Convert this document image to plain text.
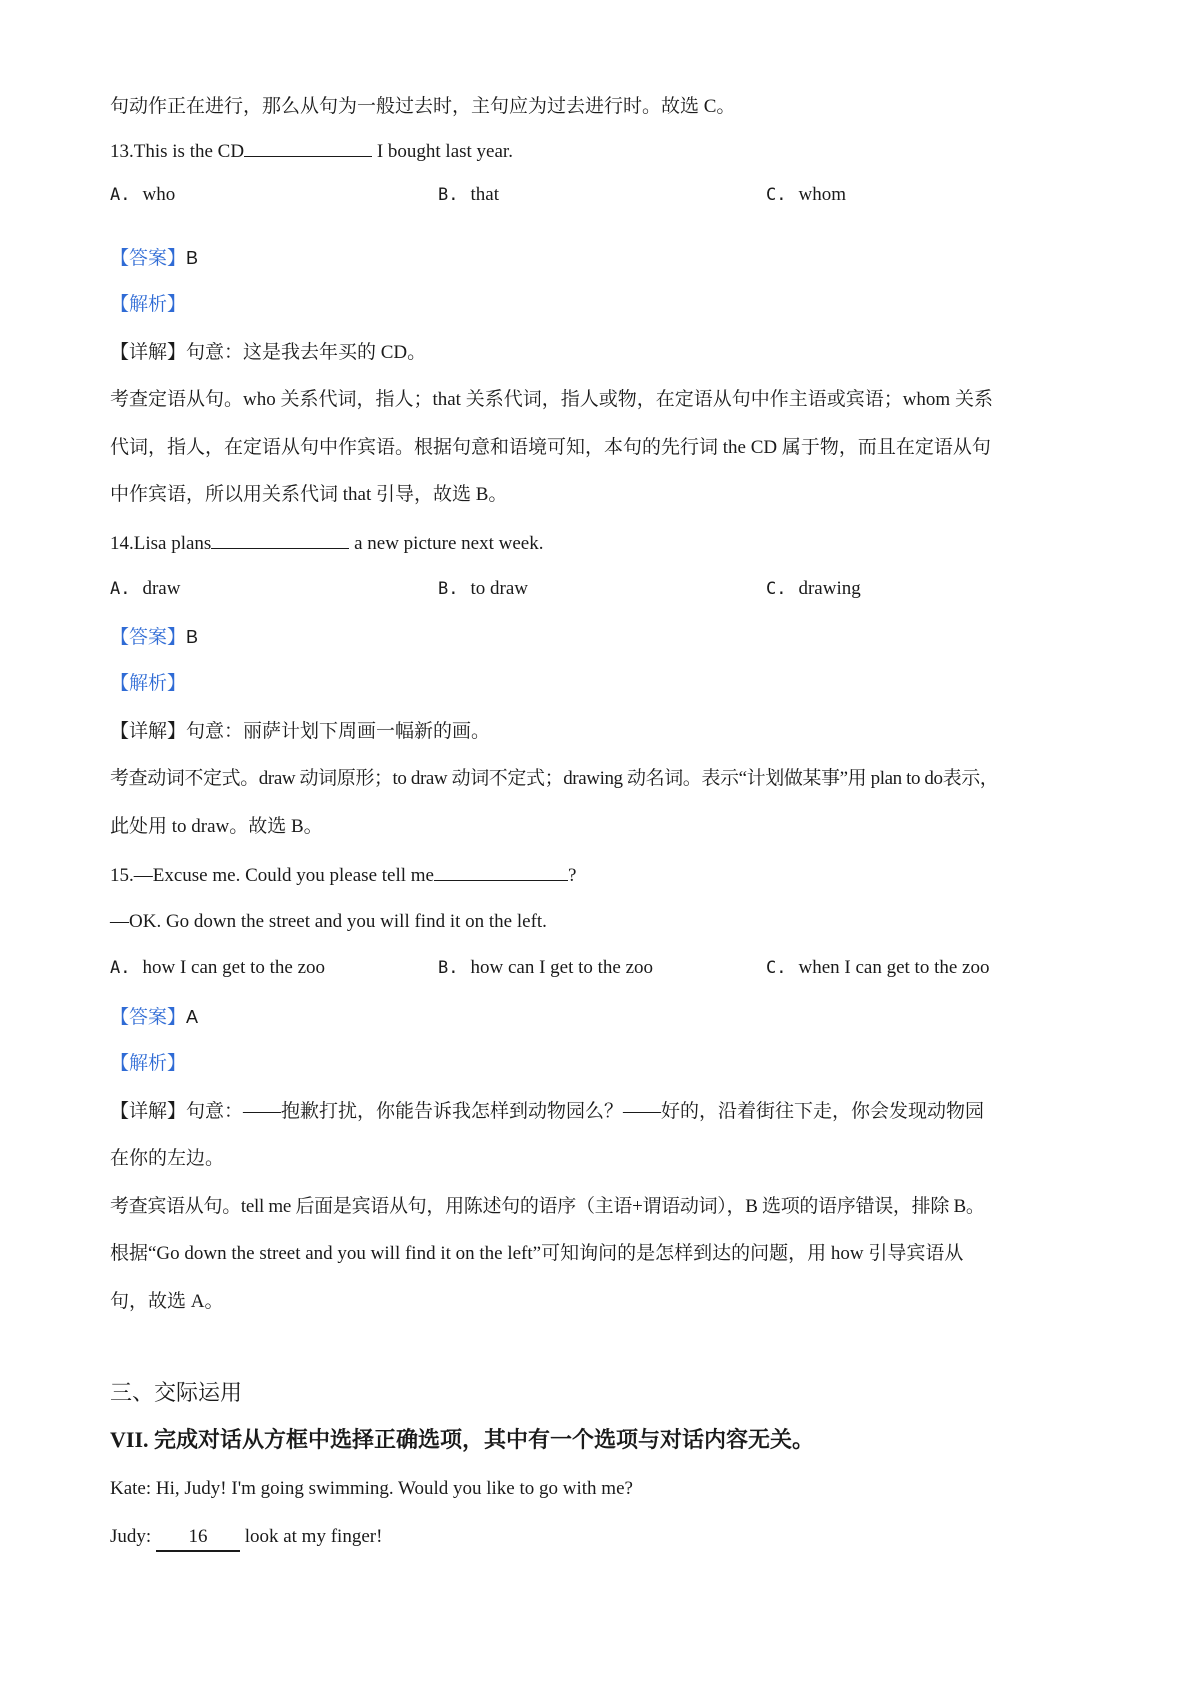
句动作正在进行，那么从句为一般过去时，主句应为过去进行时。故选 C。
13.This is the CD	I bought last year.
A. who	B. that	C. whom
【答案】B
【解析】
【详解】句意：这是我去年买的 CD。
考查定语从句。who 关系代词，指人；that 关系代词，指人或物，在定语从句中作主语或宾语；whom 关系
代词，指人，在定语从句中作宾语。根据句意和语境可知，本句的先行词 the CD 属于物，而且在定语从句
中作宾语，所以用关系代词 that 引导，故选 B。
14.Lisa plans	a new picture next week.
A. draw	B. to draw	C. drawing
【答案】B
【解析】
【详解】句意：丽萨计划下周画一幅新的画。
考查动词不定式。draw 动词原形；to draw 动词不定式；drawing 动名词。表示“计划做某事”用 plan to do表示，
此处用 to draw。故选 B。
15.—Excuse me. Could you please tell me	?
—OK. Go down the street and you will find it on the left.
A. how I can get to the zoo	B. how can I get to the zoo	C. when I can get to the zoo
【答案】A
【解析】
【详解】句意：——抱歉打扰，你能告诉我怎样到动物园么？——好的，沿着街往下走，你会发现动物园
在你的左边。
考查宾语从句。tell me 后面是宾语从句，用陈述句的语序（主语+谓语动词），B 选项的语序错误，排除 B。
根据“Go down the street and you will find it on the left”可知询问的是怎样到达的问题，用 how 引导宾语从
句，故选 A。
三、交际运用
VII. 完成对话从方框中选择正确选项，其中有一个选项与对话内容无关。
Kate: Hi, Judy! I'm going swimming. Would you like to go with me?
Judy: 16 look at my finger!
